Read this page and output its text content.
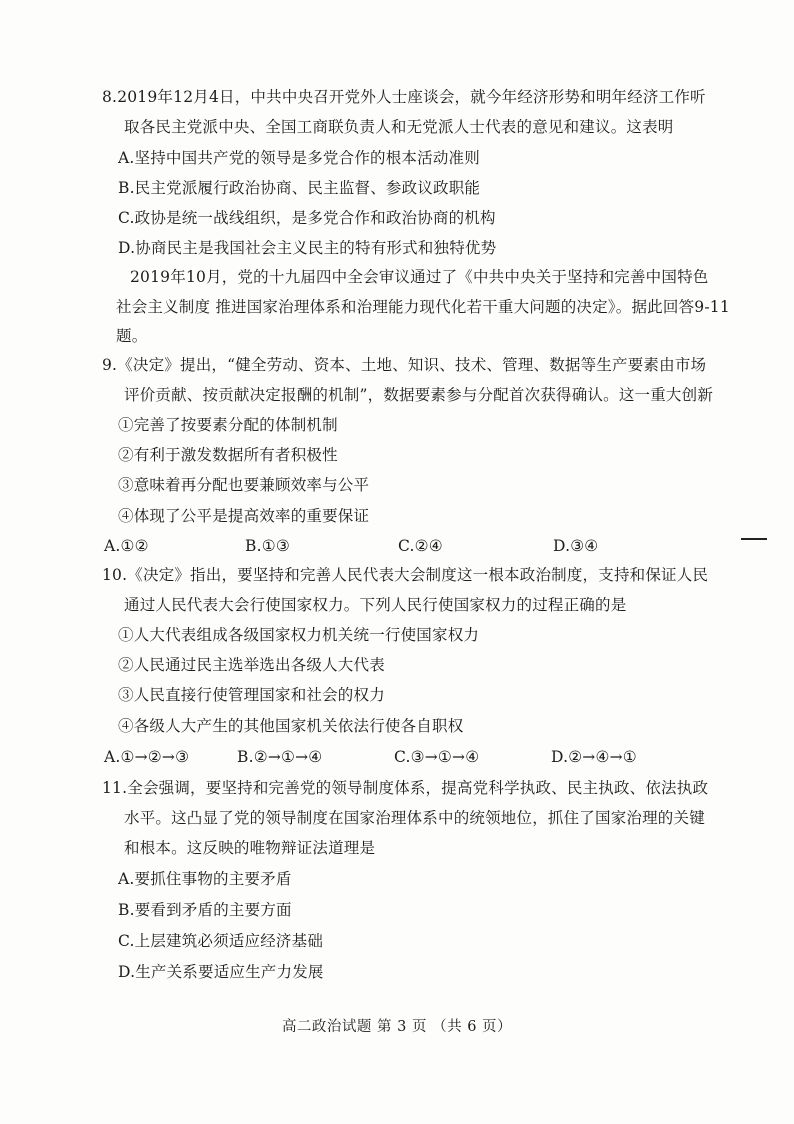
8.2019年12月4日，中共中央召开党外人士座谈会，就今年经济形势和明年经济工作听
取各民主党派中央、全国工商联负责人和无党派人士代表的意见和建议。这表明
A.坚持中国共产党的领导是多党合作的根本活动准则
B.民主党派履行政治协商、民主监督、参政议政职能
C.政协是统一战线组织，是多党合作和政治协商的机构
D.协商民主是我国社会主义民主的特有形式和独特优势
2019年10月，党的十九届四中全会审议通过了《中共中央关于坚持和完善中国特色
社会主义制度 推进国家治理体系和治理能力现代化若干重大问题的决定》。据此回答9-11
题。
9.《决定》提出，“健全劳动、资本、土地、知识、技术、管理、数据等生产要素由市场
评价贡献、按贡献决定报酬的机制”，数据要素参与分配首次获得确认。这一重大创新
①完善了按要素分配的体制机制
②有利于激发数据所有者积极性
③意味着再分配也要兼顾效率与公平
④体现了公平是提高效率的重要保证
A.①②	B.①③	C.②④	D.③④
10.《决定》指出，要坚持和完善人民代表大会制度这一根本政治制度，支持和保证人民
通过人民代表大会行使国家权力。下列人民行使国家权力的过程正确的是
①人大代表组成各级国家权力机关统一行使国家权力
②人民通过民主选举选出各级人大代表
③人民直接行使管理国家和社会的权力
④各级人大产生的其他国家机关依法行使各自职权
A.①→②→③	B.②→①→④	C.③→①→④	D.②→④→①
11.全会强调，要坚持和完善党的领导制度体系，提高党科学执政、民主执政、依法执政
水平。这凸显了党的领导制度在国家治理体系中的统领地位，抓住了国家治理的关键
和根本。这反映的唯物辩证法道理是
A.要抓住事物的主要矛盾
B.要看到矛盾的主要方面
C.上层建筑必须适应经济基础
D.生产关系要适应生产力发展
高二政治试题 第 3 页 （共 6 页）
